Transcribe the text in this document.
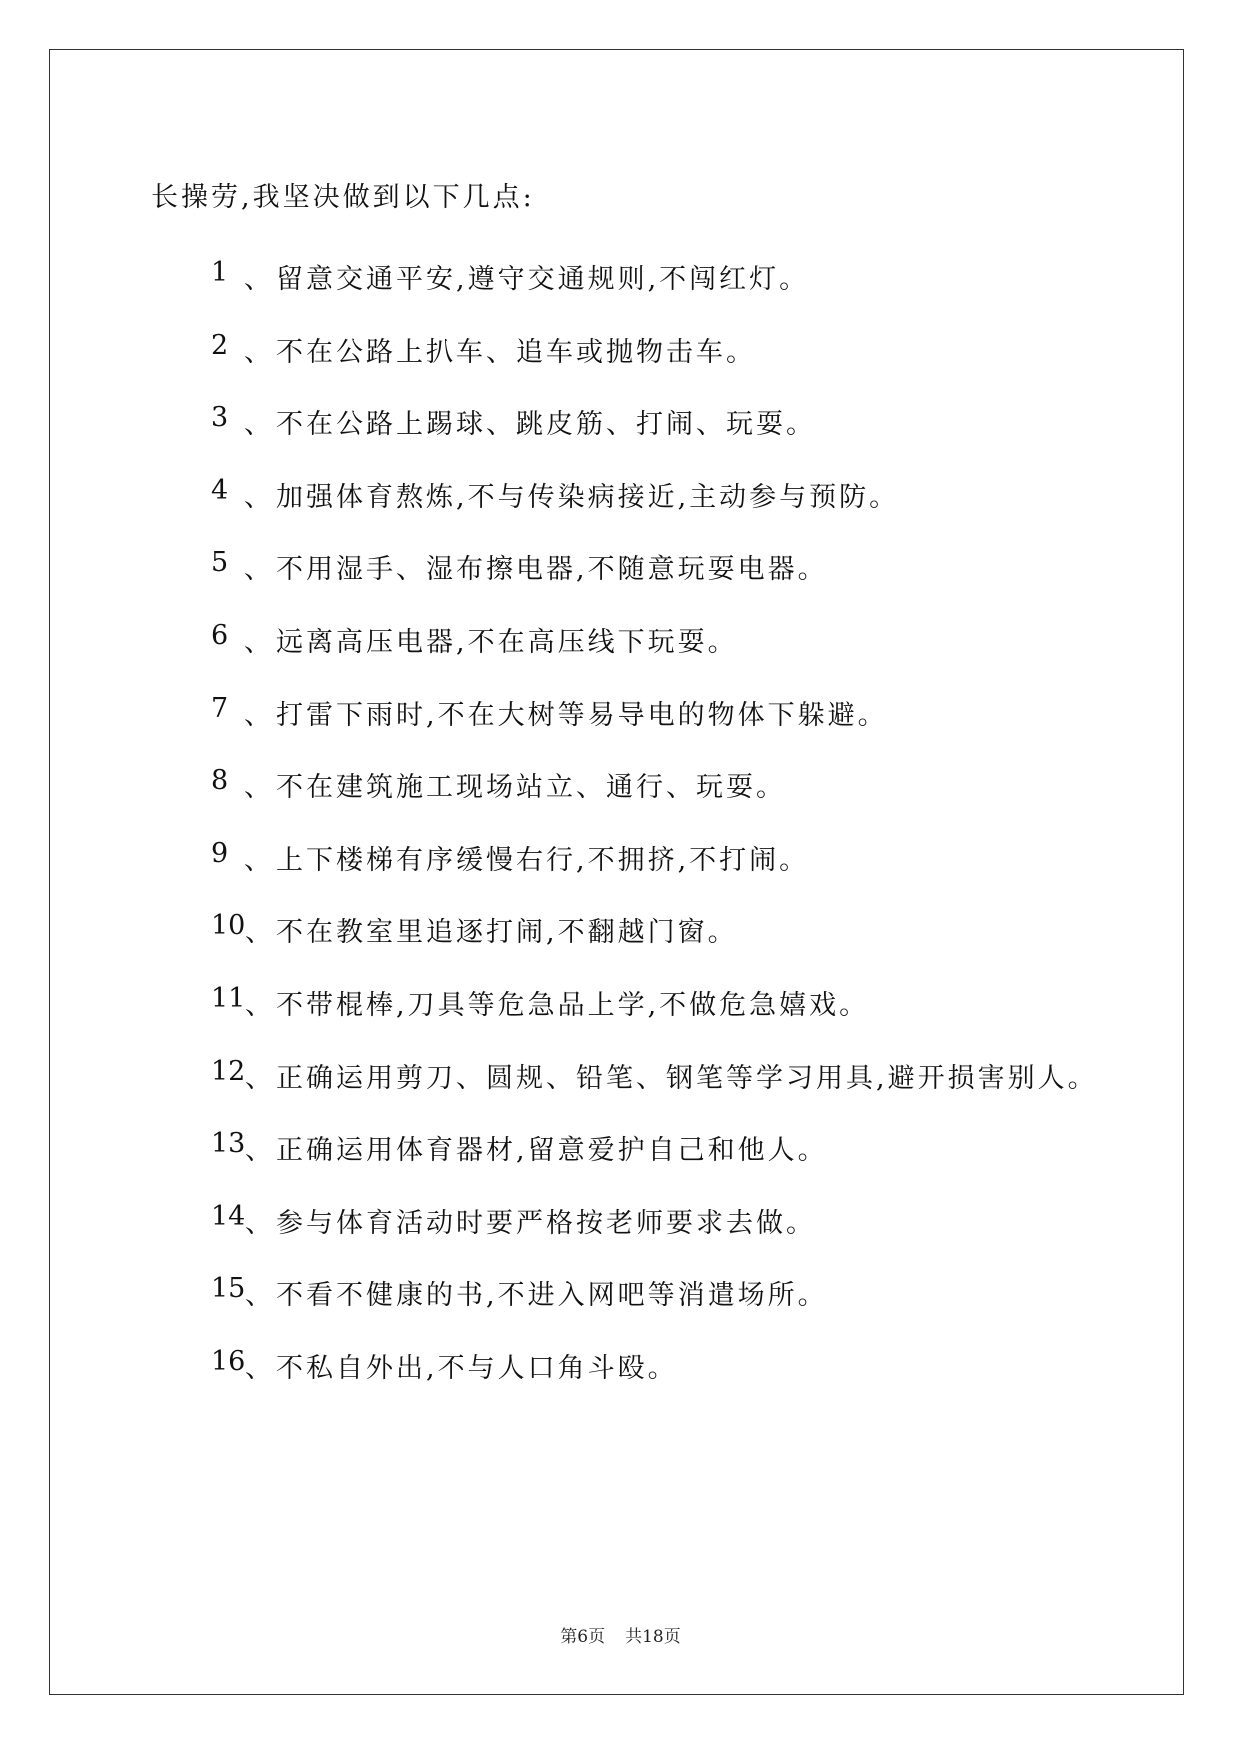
长操劳,我坚决做到以下几点:
1 、 留意交通平安,遵守交通规则,不闯红灯。
2 、 不在公路上扒车、追车或抛物击车。
3 、 不在公路上踢球、跳皮筋、打闹、玩耍。
4 、 加强体育熬炼,不与传染病接近,主动参与预防。
5 、 不用湿手、湿布擦电器,不随意玩耍电器。
6 、 远离高压电器,不在高压线下玩耍。
7 、 打雷下雨时,不在大树等易导电的物体下躲避。
8 、 不在建筑施工现场站立、通行、玩耍。
9 、 上下楼梯有序缓慢右行,不拥挤,不打闹。
10 、 不在教室里追逐打闹,不翻越门窗。
11 、 不带棍棒,刀具等危急品上学,不做危急嬉戏。
12 、 正确运用剪刀、圆规、铅笔、钢笔等学习用具,避开损害别人。
13 、 正确运用体育器材,留意爱护自己和他人。
14 、 参与体育活动时要严格按老师要求去做。
15 、 不看不健康的书,不进入网吧等消遣场所。
16 、 不私自外出,不与人口角斗殴。
第6页 共18页
